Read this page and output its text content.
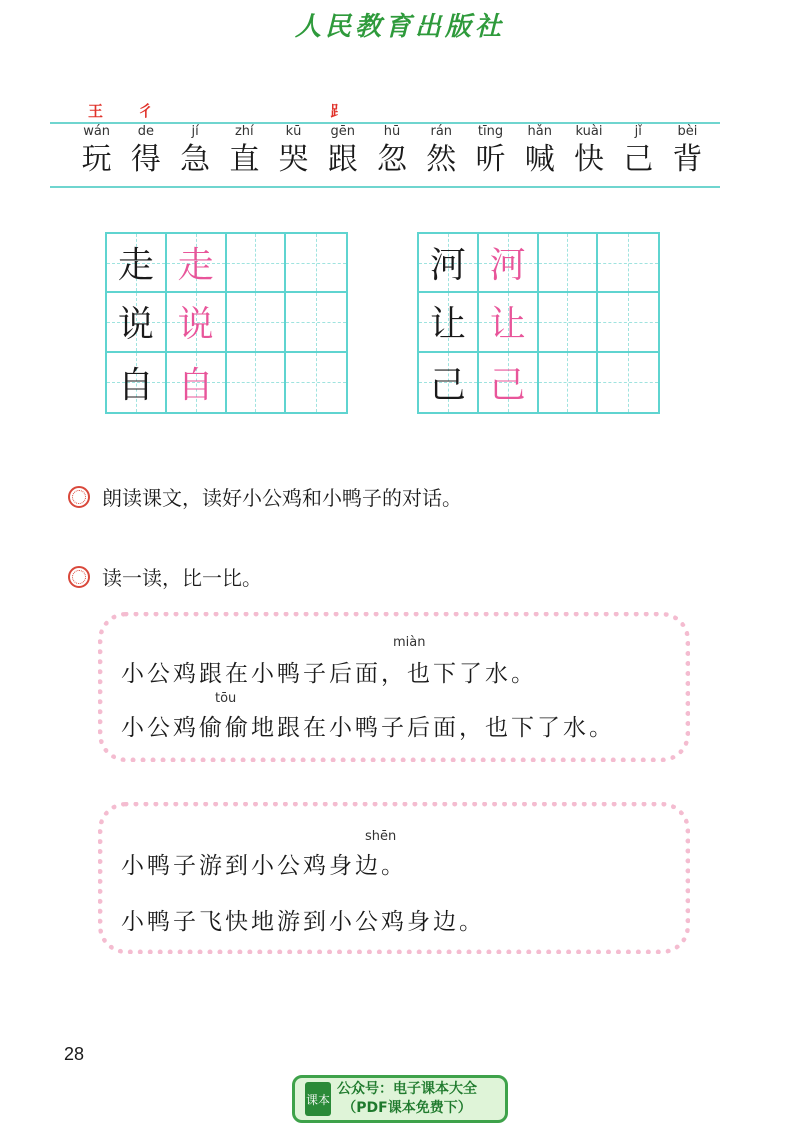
人民教育出版社
王 彳	⻊
wán
玩
de
得
jí
急
zhí
直
kū
哭
gēn
跟
hū
忽
rán
然
tīng
听
hǎn
喊
kuài
快
jǐ
己
bèi
背
走 走
说 说
自 自
河 河
让 让
己 己
朗读课文，读好小公鸡和小鸭子的对话。
读一读，比一比。
miàn
小公鸡跟在小鸭子后面，也下了水。
tōu
小公鸡偷偷地跟在小鸭子后面，也下了水。
shēn
小鸭子游到小公鸡身边。
小鸭子飞快地游到小公鸡身边。
28
课本
公众号：电子课本大全
（PDF课本免费下）
